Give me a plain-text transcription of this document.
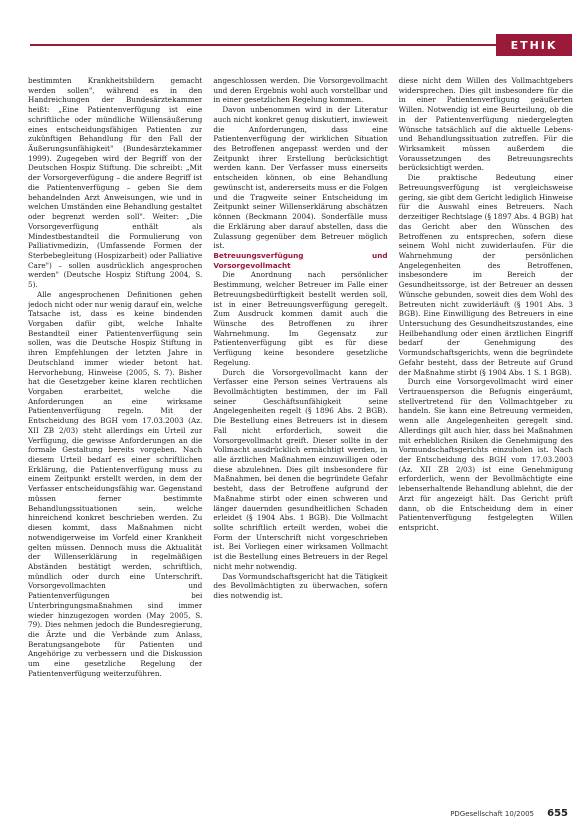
ETHIK

bestimmten Krankheitsbildern gemacht werden sollen", während es in den Handreichungen der Bundesärztekammer heißt: „Eine Patientenverfügung ist eine schriftliche oder mündliche Willensäußerung eines entscheidungsfähigen Patienten zur zukünftigen Behandlung für den Fall der Äußerungsunfähigkeit" (Bundesärztekammer 1999). Zugegeben wird der Begriff von der Deutschen Hospiz Stiftung. Die schreibt: „Mit der Vorsorgeverfügung – die andere Begriff ist die Patientenverfügung – geben Sie dem behandelnden Arzt Anweisungen, wie und in welchen Umständen eine Behandlung gestaltet oder begrenzt werden soll". Weiter: „Die Vorsorgeverfügung enthält als Mindestbestandteil die Formulierung von Palliativmedizin, (Umfassende Formen der Sterbebegleitung (Hospizarbeit) oder Palliative Care") – sollen ausdrücklich angesprochen werden" (Deutsche Hospiz Stiftung 2004, S. 5).

Alle angesprochenen Definitionen gehen jedoch nicht oder nur wenig darauf ein, welche Tatsache ist, dass es keine bindenden Vorgaben dafür gibt, welche Inhalte Bestandteil einer Patientenverfügung sein sollen, was die Deutsche Hospiz Stiftung in ihren Empfehlungen der letzten Jahre in Deutschland immer wieder betont hat. Hervorhebung, Hinweise (2005, S. 7). Bisher hat die Gesetzgeber keine klaren rechtlichen Vorgaben erarbeitet, welche die Anforderungen an eine wirksame Patientenverfügung regeln. Mit der Entscheidung des BGH vom 17.03.2003 (Az. XII ZB 2/03) steht allerdings ein Urteil zur Verfügung, die gewisse Anforderungen an die formale Gestaltung bereits vorgeben. Nach diesem Urteil bedarf es einer schriftlichen Erklärung, die Patientenverfügung muss zu einem Zeitpunkt erstellt werden, in dem der Verfasser entscheidungsfähig war. Gegenstand müssen ferner bestimmte Behandlungssituationen sein, welche hinreichend konkret beschrieben werden. Zu diesen kommt, dass Maßnahmen nicht notwendigerweise im Vorfeld einer Krankheit gelten müssen. Dennoch muss die Aktualität der Willenserklärung in regelmäßigen Abständen bestätigt werden, schriftlich, mündlich oder durch eine Unterschrift. Vorsorgevollmachten und Patientenverfügungen bei Unterbringungsmaßnahmen sind immer wieder hinzugezogen worden (May 2005, S. 79). Dies nehmen jedoch die Bundesregierung, die Ärzte und die Verbände zum Anlass, Beratungsangebote für Patienten und Angehörige zu verbessern und die Diskussion um eine gesetzliche Regelung der Patientenverfügung weiterzuführen.

angeschlossen werden. Die Vorsorgevollmacht und deren Ergebnis wohl auch vorstellbar und in einer gesetzlichen Regelung kommen.

Davon unbenommen wird in der Literatur auch nicht konkret genug diskutiert, inwieweit die Anforderungen, dass eine Patientenverfügung der wirklichen Situation des Betroffenen angepasst werden und der Zeitpunkt ihrer Erstellung berücksichtigt werden kann. Der Verfasser muss einerseits entscheiden können, ob eine Behandlung gewünscht ist, andererseits muss er die Folgen und die Tragweite seiner Entscheidung im Zeitpunkt seiner Willenserklärung abschätzen können (Beckmann 2004). Sonderfälle muss die Erklärung aber darauf abstellen, dass die Zulassung gegenüber dem Betreuer möglich ist.

Betreuungsverfügung und Vorsorgevollmacht

Die Anordnung nach persönlicher Bestimmung, welcher Betreuer im Falle einer Betreuungsbedürftigkeit bestellt werden soll, ist in einer Betreuungsverfügung geregelt. Zum Ausdruck kommen damit auch die Wünsche des Betroffenen zu ihrer Wahrnehmung. Im Gegensatz zur Patientenverfügung gibt es für diese Verfügung keine besondere gesetzliche Regelung.

Durch die Vorsorgevollmacht kann der Verfasser eine Person seines Vertrauens als Bevollmächtigten bestimmen, der im Fall seiner Geschäftsunfähigkeit seine Angelegenheiten regelt (§ 1896 Abs. 2 BGB). Die Bestellung eines Betreuers ist in diesem Fall nicht erforderlich, soweit die Vorsorgevollmacht greift. Dieser sollte in der Vollmacht ausdrücklich ermächtigt werden, in alle ärztlichen Maßnahmen einzuwilligen oder diese abzulehnen. Dies gilt insbesondere für Maßnahmen, bei denen die begründete Gefahr besteht, dass der Betroffene aufgrund der Maßnahme stirbt oder einen schweren und länger dauernden gesundheitlichen Schaden erleidet (§ 1904 Abs. 1 BGB). Die Vollmacht sollte schriftlich erteilt werden, wobei die Form der Unterschrift nicht vorgeschrieben ist. Bei Vorliegen einer wirksamen Vollmacht ist die Bestellung eines Betreuers in der Regel nicht mehr notwendig.

Das Vormundschaftsgericht hat die Tätigkeit des Bevollmächtigten zu überwachen, sofern dies notwendig ist.

diese nicht dem Willen des Vollmachtgebers widersprechen. Dies gilt insbesondere für die in einer Patientenverfügung geäußerten Willen. Notwendig ist eine Beurteilung, ob die in der Patientenverfügung niedergelegten Wünsche tatsächlich auf die aktuelle Lebens- und Behandlungssituation zutreffen. Für die Wirksamkeit müssen außerdem die Voraussetzungen des Betreuungsrechts berücksichtigt werden.

Die praktische Bedeutung einer Betreuungsverfügung ist vergleichsweise gering, sie gibt dem Gericht lediglich Hinweise für die Auswahl eines Betreuers. Nach derzeitiger Rechtslage (§ 1897 Abs. 4 BGB) hat das Gericht aber den Wünschen des Betroffenen zu entsprechen, sofern diese seinem Wohl nicht zuwiderlaufen. Für die Wahrnehmung der persönlichen Angelegenheiten des Betroffenen, insbesondere im Bereich der Gesundheitssorge, ist der Betreuer an dessen Wünsche gebunden, soweit dies dem Wohl des Betreuten nicht zuwiderläuft (§ 1901 Abs. 3 BGB). Eine Einwilligung des Betreuers in eine Untersuchung des Gesundheitszustandes, eine Heilbehandlung oder einen ärztlichen Eingriff bedarf der Genehmigung des Vormundschaftsgerichts, wenn die begründete Gefahr besteht, dass der Betreute auf Grund der Maßnahme stirbt (§ 1904 Abs. 1 S. 1 BGB).

Durch eine Vorsorgevollmacht wird einer Vertrauensperson die Befugnis eingeräumt, stellvertretend für den Vollmachtgeber zu handeln. Sie kann eine Betreuung vermeiden, wenn alle Angelegenheiten geregelt sind. Allerdings gilt auch hier, dass bei Maßnahmen mit erheblichen Risiken die Genehmigung des Vormundschaftsgerichts einzuholen ist. Nach der Entscheidung des BGH vom 17.03.2003 (Az. XII ZB 2/03) ist eine Genehmigung erforderlich, wenn der Bevollmächtigte eine lebenserhaltende Behandlung ablehnt, die der Arzt für angezeigt hält. Das Gericht prüft dann, ob die Entscheidung dem in einer Patientenverfügung festgelegten Willen entspricht.

PDGesellschaft 10/2005 655
